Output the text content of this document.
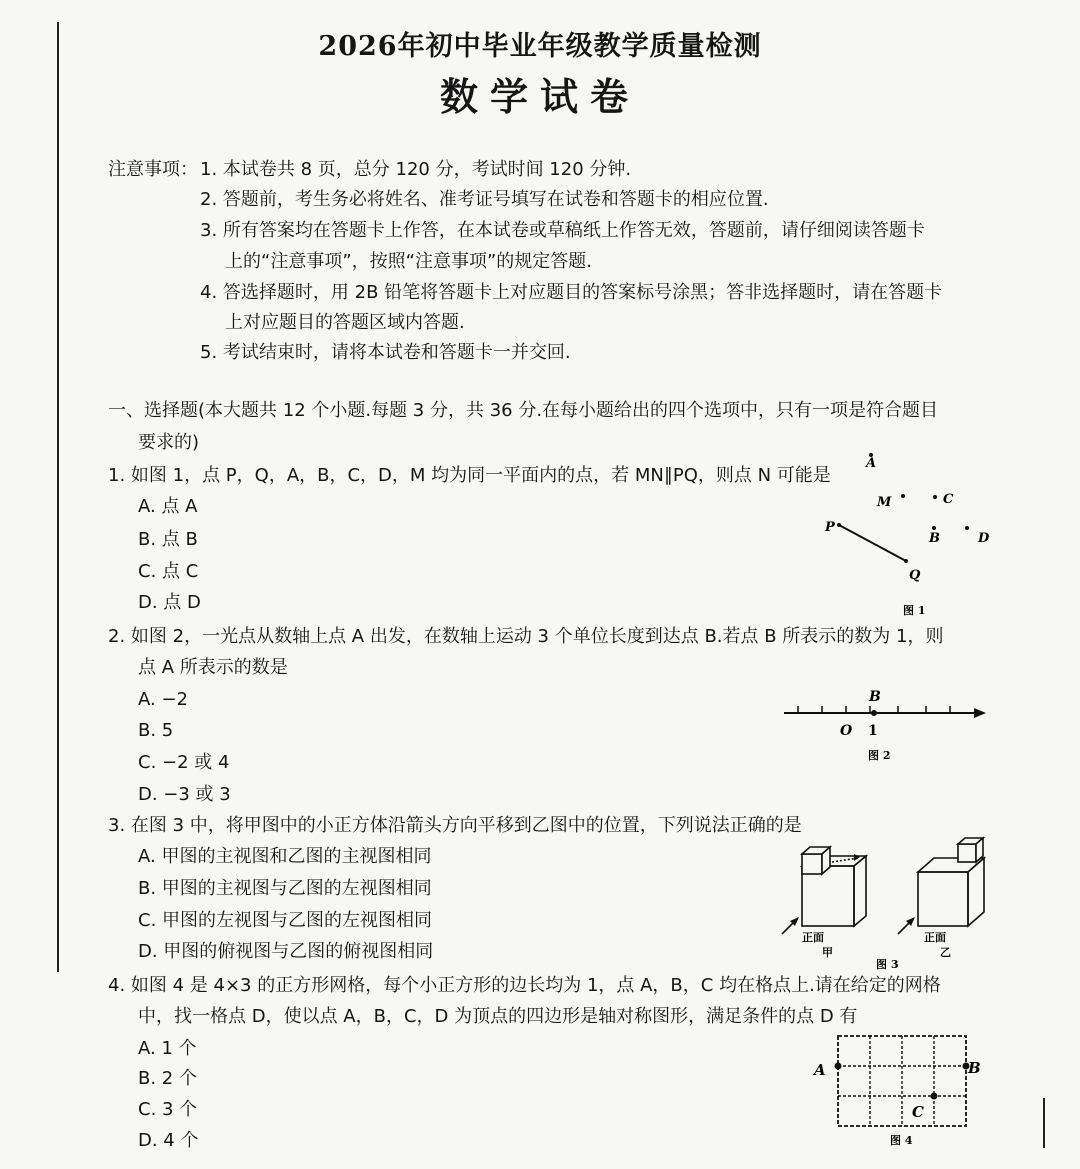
2026年初中毕业年级教学质量检测
数学试卷
注意事项： 1. 本试卷共 8 页，总分 120 分，考试时间 120 分钟.
2. 答题前，考生务必将姓名、准考证号填写在试卷和答题卡的相应位置.
3. 所有答案均在答题卡上作答，在本试卷或草稿纸上作答无效，答题前，请仔细阅读答题卡
上的“注意事项”，按照“注意事项”的规定答题.
4. 答选择题时，用 2B 铅笔将答题卡上对应题目的答案标号涂黑；答非选择题时，请在答题卡
上对应题目的答题区域内答题.
5. 考试结束时，请将本试卷和答题卡一并交回.
一、选择题(本大题共 12 个小题.每题 3 分，共 36 分.在每小题给出的四个选项中，只有一项是符合题目
要求的)
1. 如图 1，点 P，Q，A，B，C，D，M 均为同一平面内的点，若 MN∥PQ，则点 N 可能是
A. 点 A
B. 点 B
C. 点 C
D. 点 D
A
M	C
P
B	D
Q
图 1
2. 如图 2，一光点从数轴上点 A 出发，在数轴上运动 3 个单位长度到达点 B.若点 B 所表示的数为 1，则
点 A 所表示的数是
A. −2
B. 5
C. −2 或 4
D. −3 或 3
B
O 1
图 2
3. 在图 3 中，将甲图中的小正方体沿箭头方向平移到乙图中的位置，下列说法正确的是
A. 甲图的主视图和乙图的主视图相同
B. 甲图的主视图与乙图的左视图相同
C. 甲图的左视图与乙图的左视图相同
D. 甲图的俯视图与乙图的俯视图相同
正面
甲
正面
乙
图 3
4. 如图 4 是 4×3 的正方形网格，每个小正方形的边长均为 1，点 A，B，C 均在格点上.请在给定的网格
中，找一格点 D，使以点 A，B，C，D 为顶点的四边形是轴对称图形，满足条件的点 D 有
A. 1 个
B. 2 个
C. 3 个
D. 4 个
A	B
C
图 4
